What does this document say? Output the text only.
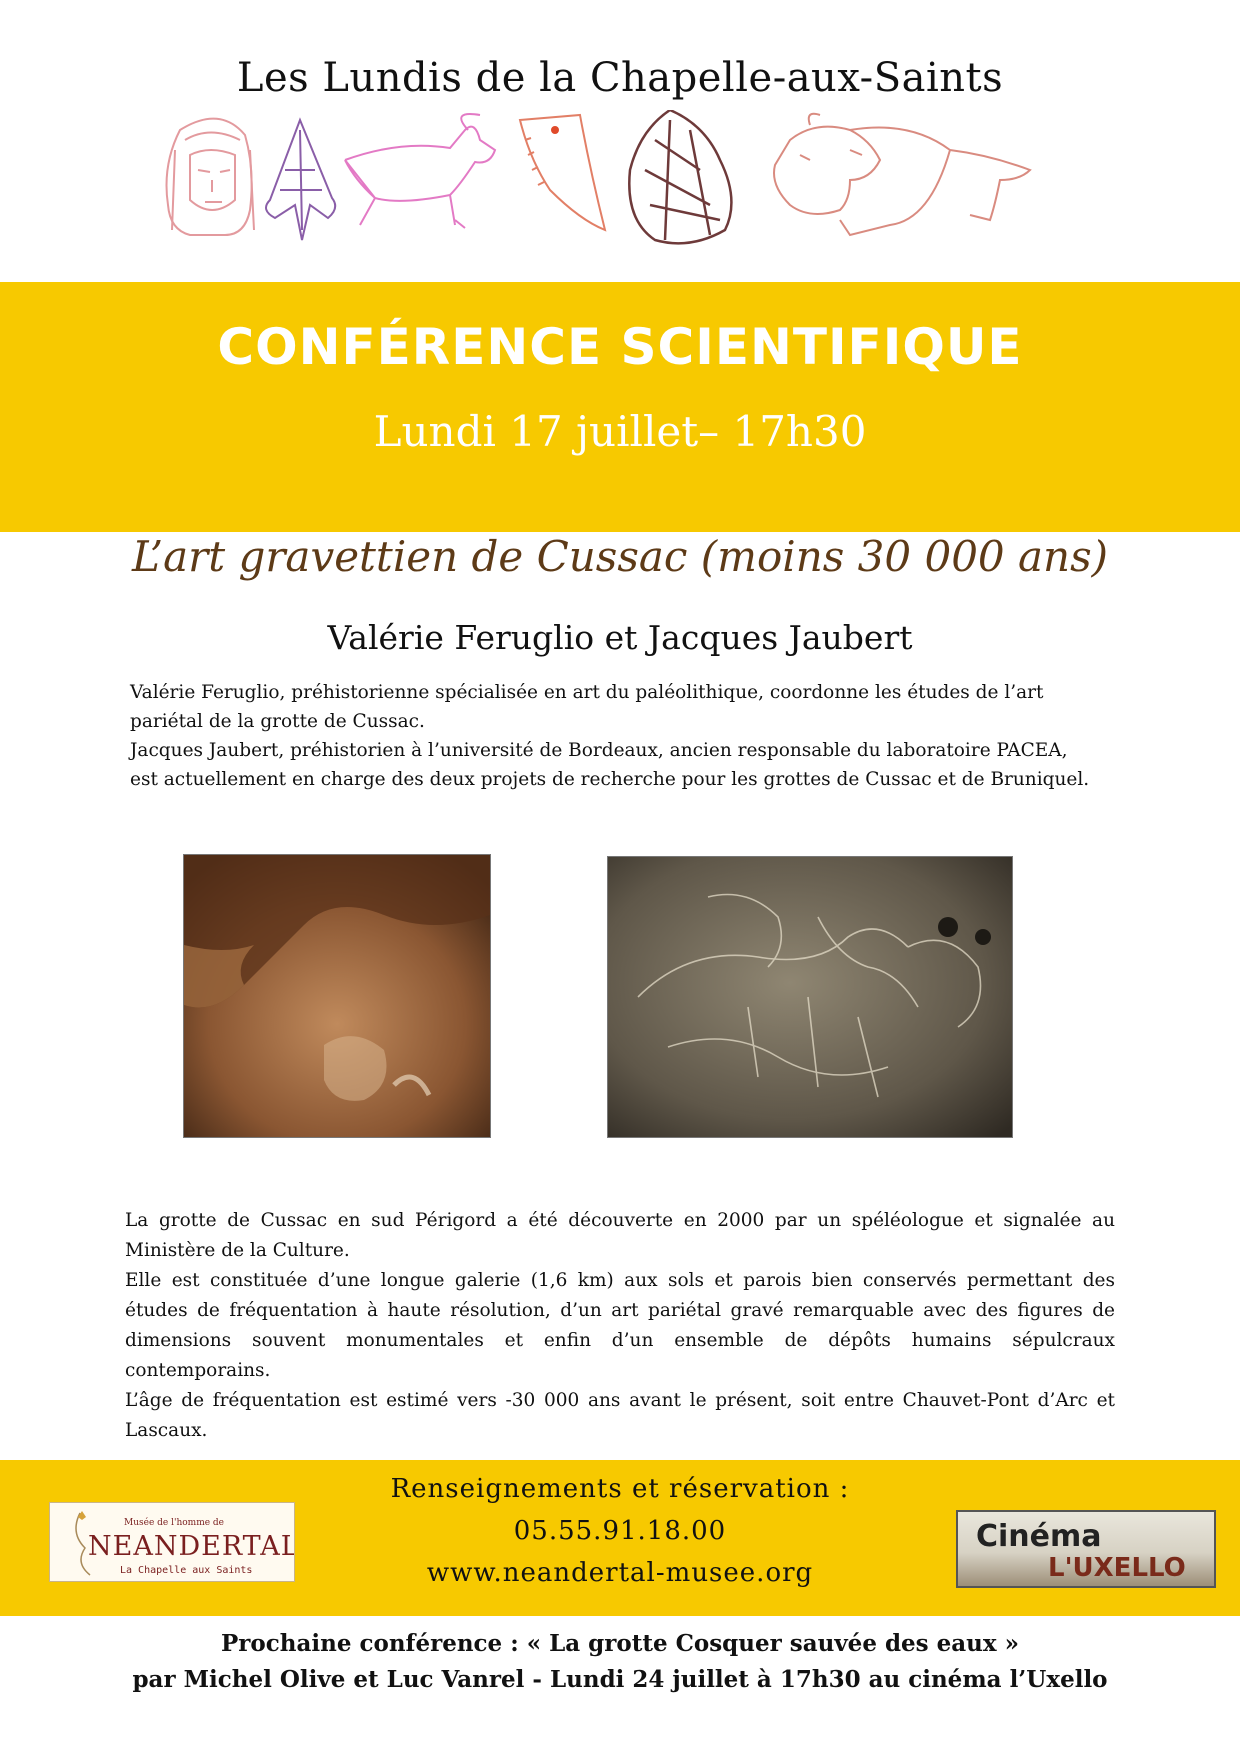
Les Lundis de la Chapelle-aux-Saints
CONFÉRENCE SCIENTIFIQUE
Lundi 17 juillet– 17h30
L’art gravettien de Cussac (moins 30 000 ans)
Valérie Feruglio et Jacques Jaubert

Valérie Feruglio, préhistorienne spécialisée en art du paléolithique, coordonne les études de l’art pariétal de la grotte de Cussac.

Jacques Jaubert, préhistorien à l’université de Bordeaux, ancien responsable du laboratoire PACEA, est actuellement en charge des deux projets de recherche pour les grottes de Cussac et de Bruniquel.

La grotte de Cussac en sud Périgord a été découverte en 2000 par un spéléologue et signalée au Ministère de la Culture.

Elle est constituée d’une longue galerie (1,6 km) aux sols et parois bien conservés permettant des études de fréquentation à haute résolution, d’un art pariétal gravé remarquable avec des figures de dimensions souvent monumentales et enfin d’un ensemble de dépôts humains sépulcraux contemporains.

L’âge de fréquentation est estimé vers -30 000 ans avant le présent, soit entre Chauvet-Pont d’Arc et Lascaux.

Renseignements et réservation :
05.55.91.18.00
www.neandertal-musee.org
Musée de l'homme de
NEANDERTAL
La Chapelle aux Saints
Cinéma
L'UXELLO
Prochaine conférence : « La grotte Cosquer sauvée des eaux »
par Michel Olive et Luc Vanrel - Lundi 24 juillet à 17h30 au cinéma l’Uxello
